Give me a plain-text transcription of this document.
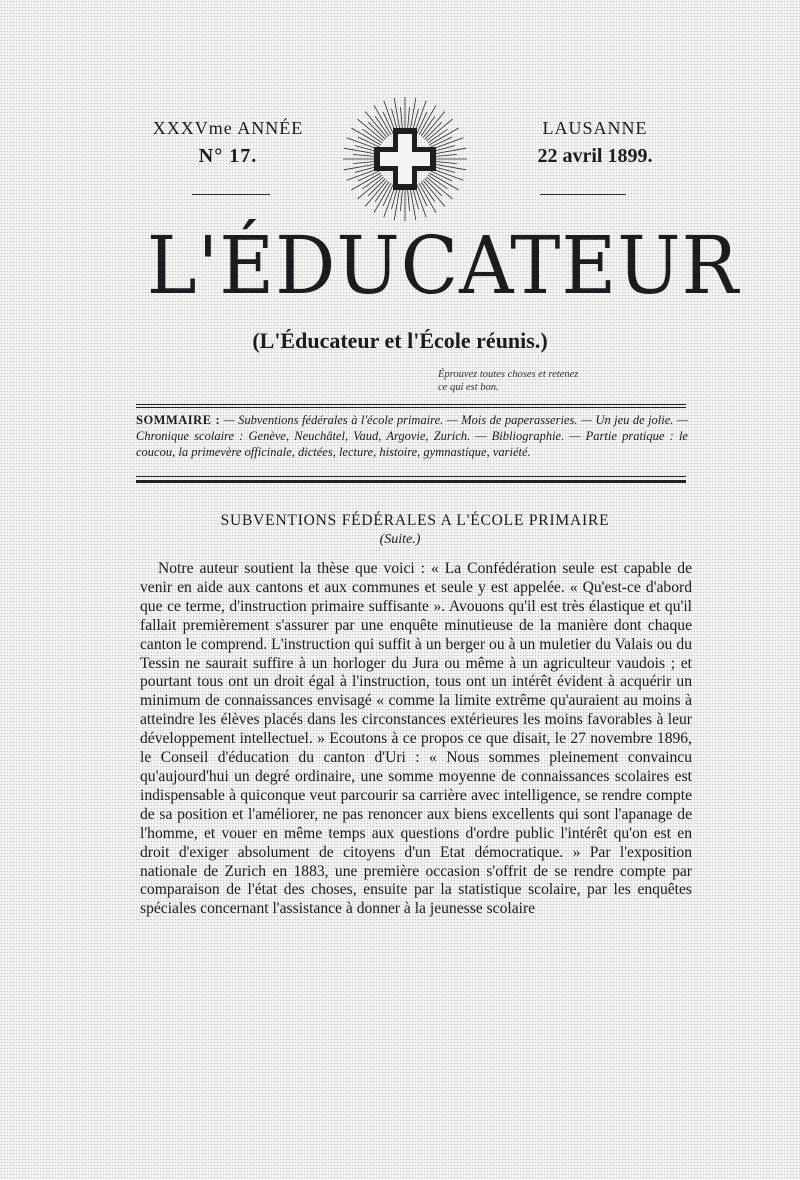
XXXVme ANNÉE
N° 17.
LAUSANNE
22 avril 1899.
L'ÉDUCATEUR
(L'Éducateur et l'École réunis.)
Éprouvez toutes choses et retenez
ce qui est bon.
SOMMAIRE : — Subventions fédérales à l'école primaire. — Mois de paperasseries. — Un jeu de jolie. — Chronique scolaire : Genève, Neuchâtel, Vaud, Argovie, Zurich. — Bibliographie. — Partie pratique : le coucou, la primevère officinale, dictées, lecture, histoire, gymnastique, variété.
SUBVENTIONS FÉDÉRALES A L'ÉCOLE PRIMAIRE
(Suite.)

Notre auteur soutient la thèse que voici : « La Confédération seule est capable de venir en aide aux cantons et aux communes et seule y est appelée. « Qu'est-ce d'abord que ce terme, d'instruction primaire suffisante ». Avouons qu'il est très élastique et qu'il fallait premièrement s'assurer par une enquête minutieuse de la manière dont chaque canton le comprend. L'instruction qui suffit à un berger ou à un muletier du Valais ou du Tessin ne saurait suffire à un horloger du Jura ou même à un agriculteur vaudois ; et pourtant tous ont un droit égal à l'instruction, tous ont un intérêt évident à acquérir un minimum de connaissances envisagé « comme la limite extrême qu'auraient au moins à atteindre les élèves placés dans les circonstances extérieures les moins favorables à leur développement intellectuel. » Ecoutons à ce propos ce que disait, le 27 novembre 1896, le Conseil d'éducation du canton d'Uri : « Nous sommes pleinement convaincu qu'aujourd'hui un degré ordinaire, une somme moyenne de connaissances scolaires est indispensable à quiconque veut parcourir sa carrière avec intelligence, se rendre compte de sa position et l'améliorer, ne pas renoncer aux biens excellents qui sont l'apanage de l'homme, et vouer en même temps aux questions d'ordre public l'intérêt qu'on est en droit d'exiger absolument de citoyens d'un Etat démocratique. » Par l'exposition nationale de Zurich en 1883, une première occasion s'offrit de se rendre compte par comparaison de l'état des choses, ensuite par la statistique scolaire, par les enquêtes spéciales concernant l'assistance à donner à la jeunesse scolaire
